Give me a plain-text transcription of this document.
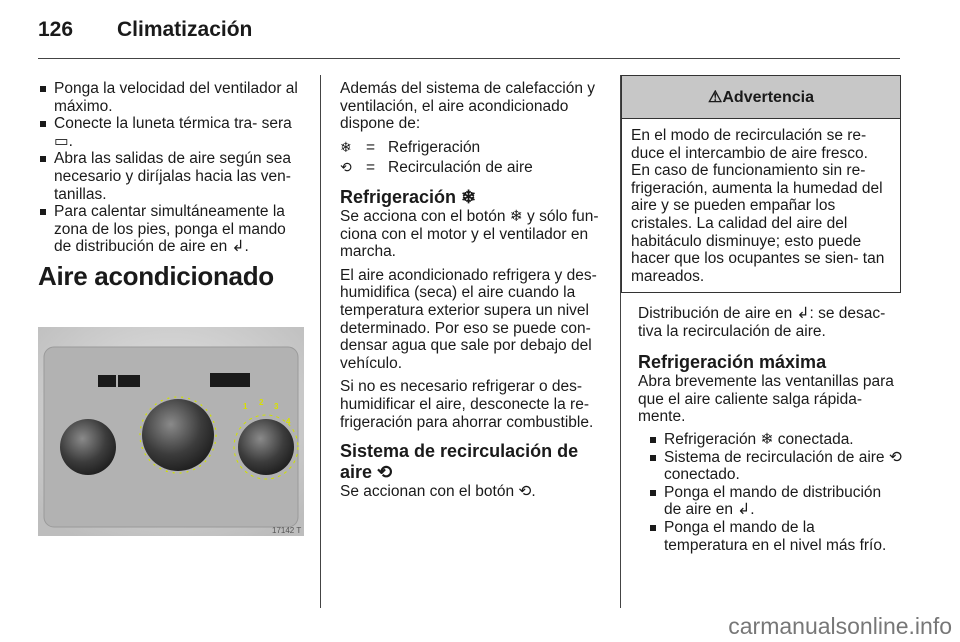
126 Climatización

Ponga la velocidad del ventilador al máximo.

Conecte la luneta térmica tra- sera ▭.

Abra las salidas de aire según sea necesario y diríjalas hacia las ven- tanillas.

Para calentar simultáneamente la zona de los pies, ponga el mando de distribución de aire en ↲.

Aire acondicionado

1 2 3
4
17142 T

Además del sistema de calefacción y ventilación, el aire acondicionado dispone de:

❄ = Refrigeración
⟲ = Recirculación de aire

Refrigeración ❄

Se acciona con el botón ❄ y sólo fun- ciona con el motor y el ventilador en marcha.

El aire acondicionado refrigera y des- humidifica (seca) el aire cuando la temperatura exterior supera un nivel determinado. Por eso se puede con- densar agua que sale por debajo del vehículo.

Si no es necesario refrigerar o des- humidificar el aire, desconecte la re- frigeración para ahorrar combustible.

Sistema de recirculación de aire ⟲

Se accionan con el botón ⟲.

⚠Advertencia
En el modo de recirculación se re- duce el intercambio de aire fresco. En caso de funcionamiento sin re- frigeración, aumenta la humedad del aire y se pueden empañar los cristales. La calidad del aire del habitáculo disminuye; esto puede hacer que los ocupantes se sien- tan mareados.

Distribución de aire en ↲: se desac- tiva la recirculación de aire.

Refrigeración máxima

Abra brevemente las ventanillas para que el aire caliente salga rápida- mente.

Refrigeración ❄ conectada.

Sistema de recirculación de aire ⟲ conectado.

Ponga el mando de distribución de aire en ↲.

Ponga el mando de la temperatura en el nivel más frío.

carmanualsonline.info
